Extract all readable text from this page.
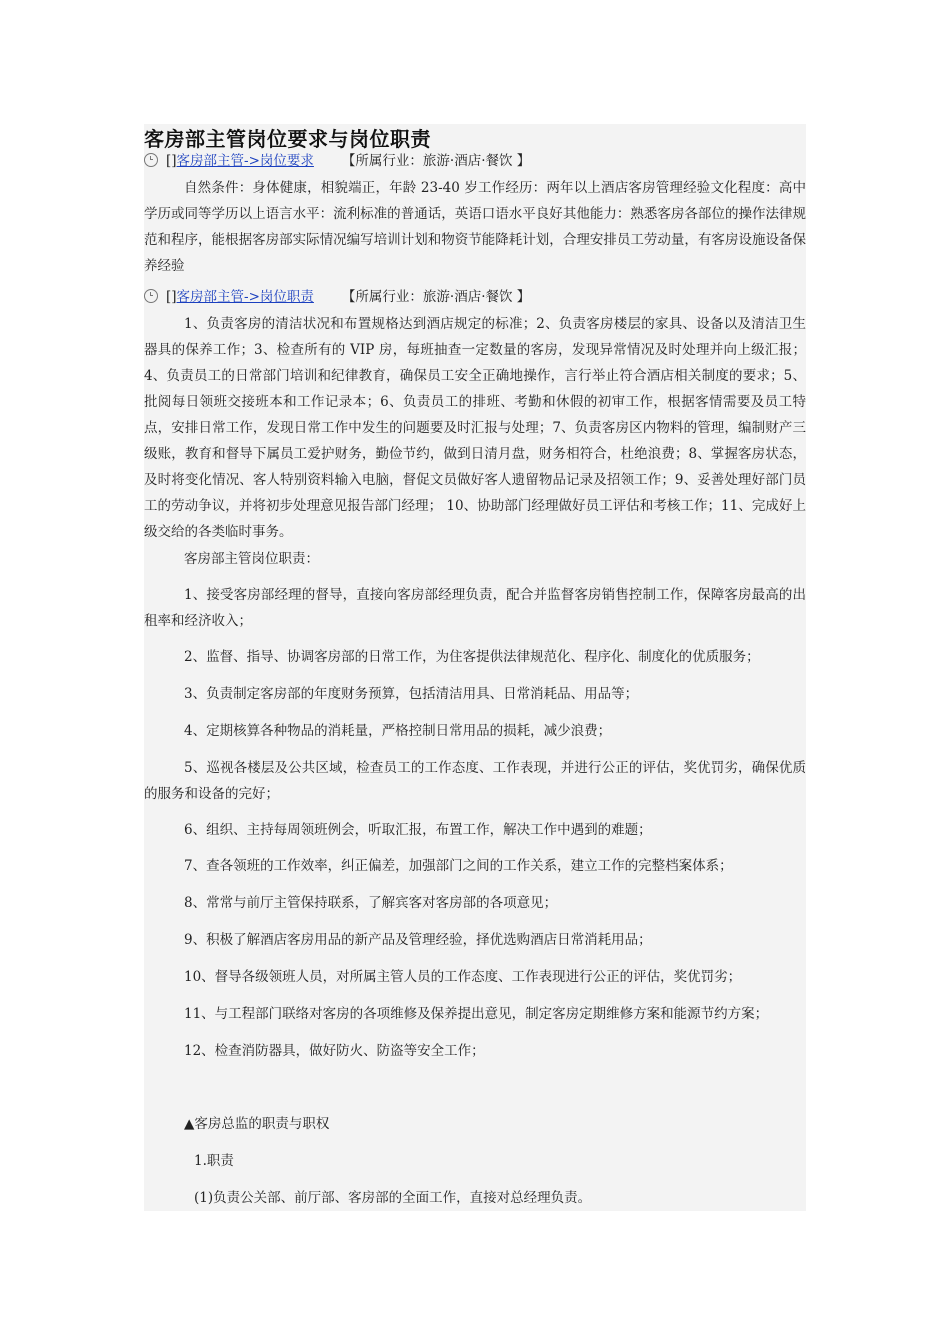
客房部主管岗位要求与岗位职责
[]客房部主管->岗位要求 【所属行业：旅游·酒店·餐饮 】

自然条件：身体健康，相貌端正，年龄 23-40 岁工作经历：两年以上酒店客房管理经验文化程度：高中学历或同等学历以上语言水平：流利标准的普通话，英语口语水平良好其他能力：熟悉客房各部位的操作法律规范和程序，能根据客房部实际情况编写培训计划和物资节能降耗计划，合理安排员工劳动量，有客房设施设备保养经验

[]客房部主管->岗位职责 【所属行业：旅游·酒店·餐饮 】

1、负责客房的清洁状况和布置规格达到酒店规定的标准；2、负责客房楼层的家具、设备以及清洁卫生器具的保养工作；3、检查所有的 VIP 房，每班抽查一定数量的客房，发现异常情况及时处理并向上级汇报；4、负责员工的日常部门培训和纪律教育，确保员工安全正确地操作，言行举止符合酒店相关制度的要求；5、批阅每日领班交接班本和工作记录本；6、负责员工的排班、考勤和休假的初审工作，根据客情需要及员工特点，安排日常工作，发现日常工作中发生的问题要及时汇报与处理；7、负责客房区内物料的管理，编制财产三级账，教育和督导下属员工爱护财务，勤俭节约，做到日清月盘，财务相符合，杜绝浪费；8、掌握客房状态，及时将变化情况、客人特别资料输入电脑，督促文员做好客人遗留物品记录及招领工作；9、妥善处理好部门员工的劳动争议，并将初步处理意见报告部门经理； 10、协助部门经理做好员工评估和考核工作；11、完成好上级交给的各类临时事务。

客房部主管岗位职责：

1、接受客房部经理的督导，直接向客房部经理负责，配合并监督客房销售控制工作，保障客房最高的出租率和经济收入；

2、监督、指导、协调客房部的日常工作，为住客提供法律规范化、程序化、制度化的优质服务；

3、负责制定客房部的年度财务预算，包括清洁用具、日常消耗品、用品等；

4、定期核算各种物品的消耗量，严格控制日常用品的损耗，减少浪费；

5、巡视各楼层及公共区域，检查员工的工作态度、工作表现，并进行公正的评估，奖优罚劣，确保优质的服务和设备的完好；

6、组织、主持每周领班例会，听取汇报，布置工作，解决工作中遇到的难题；

7、查各领班的工作效率，纠正偏差，加强部门之间的工作关系，建立工作的完整档案体系；

8、常常与前厅主管保持联系，了解宾客对客房部的各项意见；

9、积极了解酒店客房用品的新产品及管理经验，择优选购酒店日常消耗用品；

10、督导各级领班人员，对所属主管人员的工作态度、工作表现进行公正的评估，奖优罚劣；

11、与工程部门联络对客房的各项维修及保养提出意见，制定客房定期维修方案和能源节约方案；

12、检查消防器具，做好防火、防盗等安全工作；

▲客房总监的职责与职权

1.职责

(1)负责公关部、前厅部、客房部的全面工作，直接对总经理负责。
